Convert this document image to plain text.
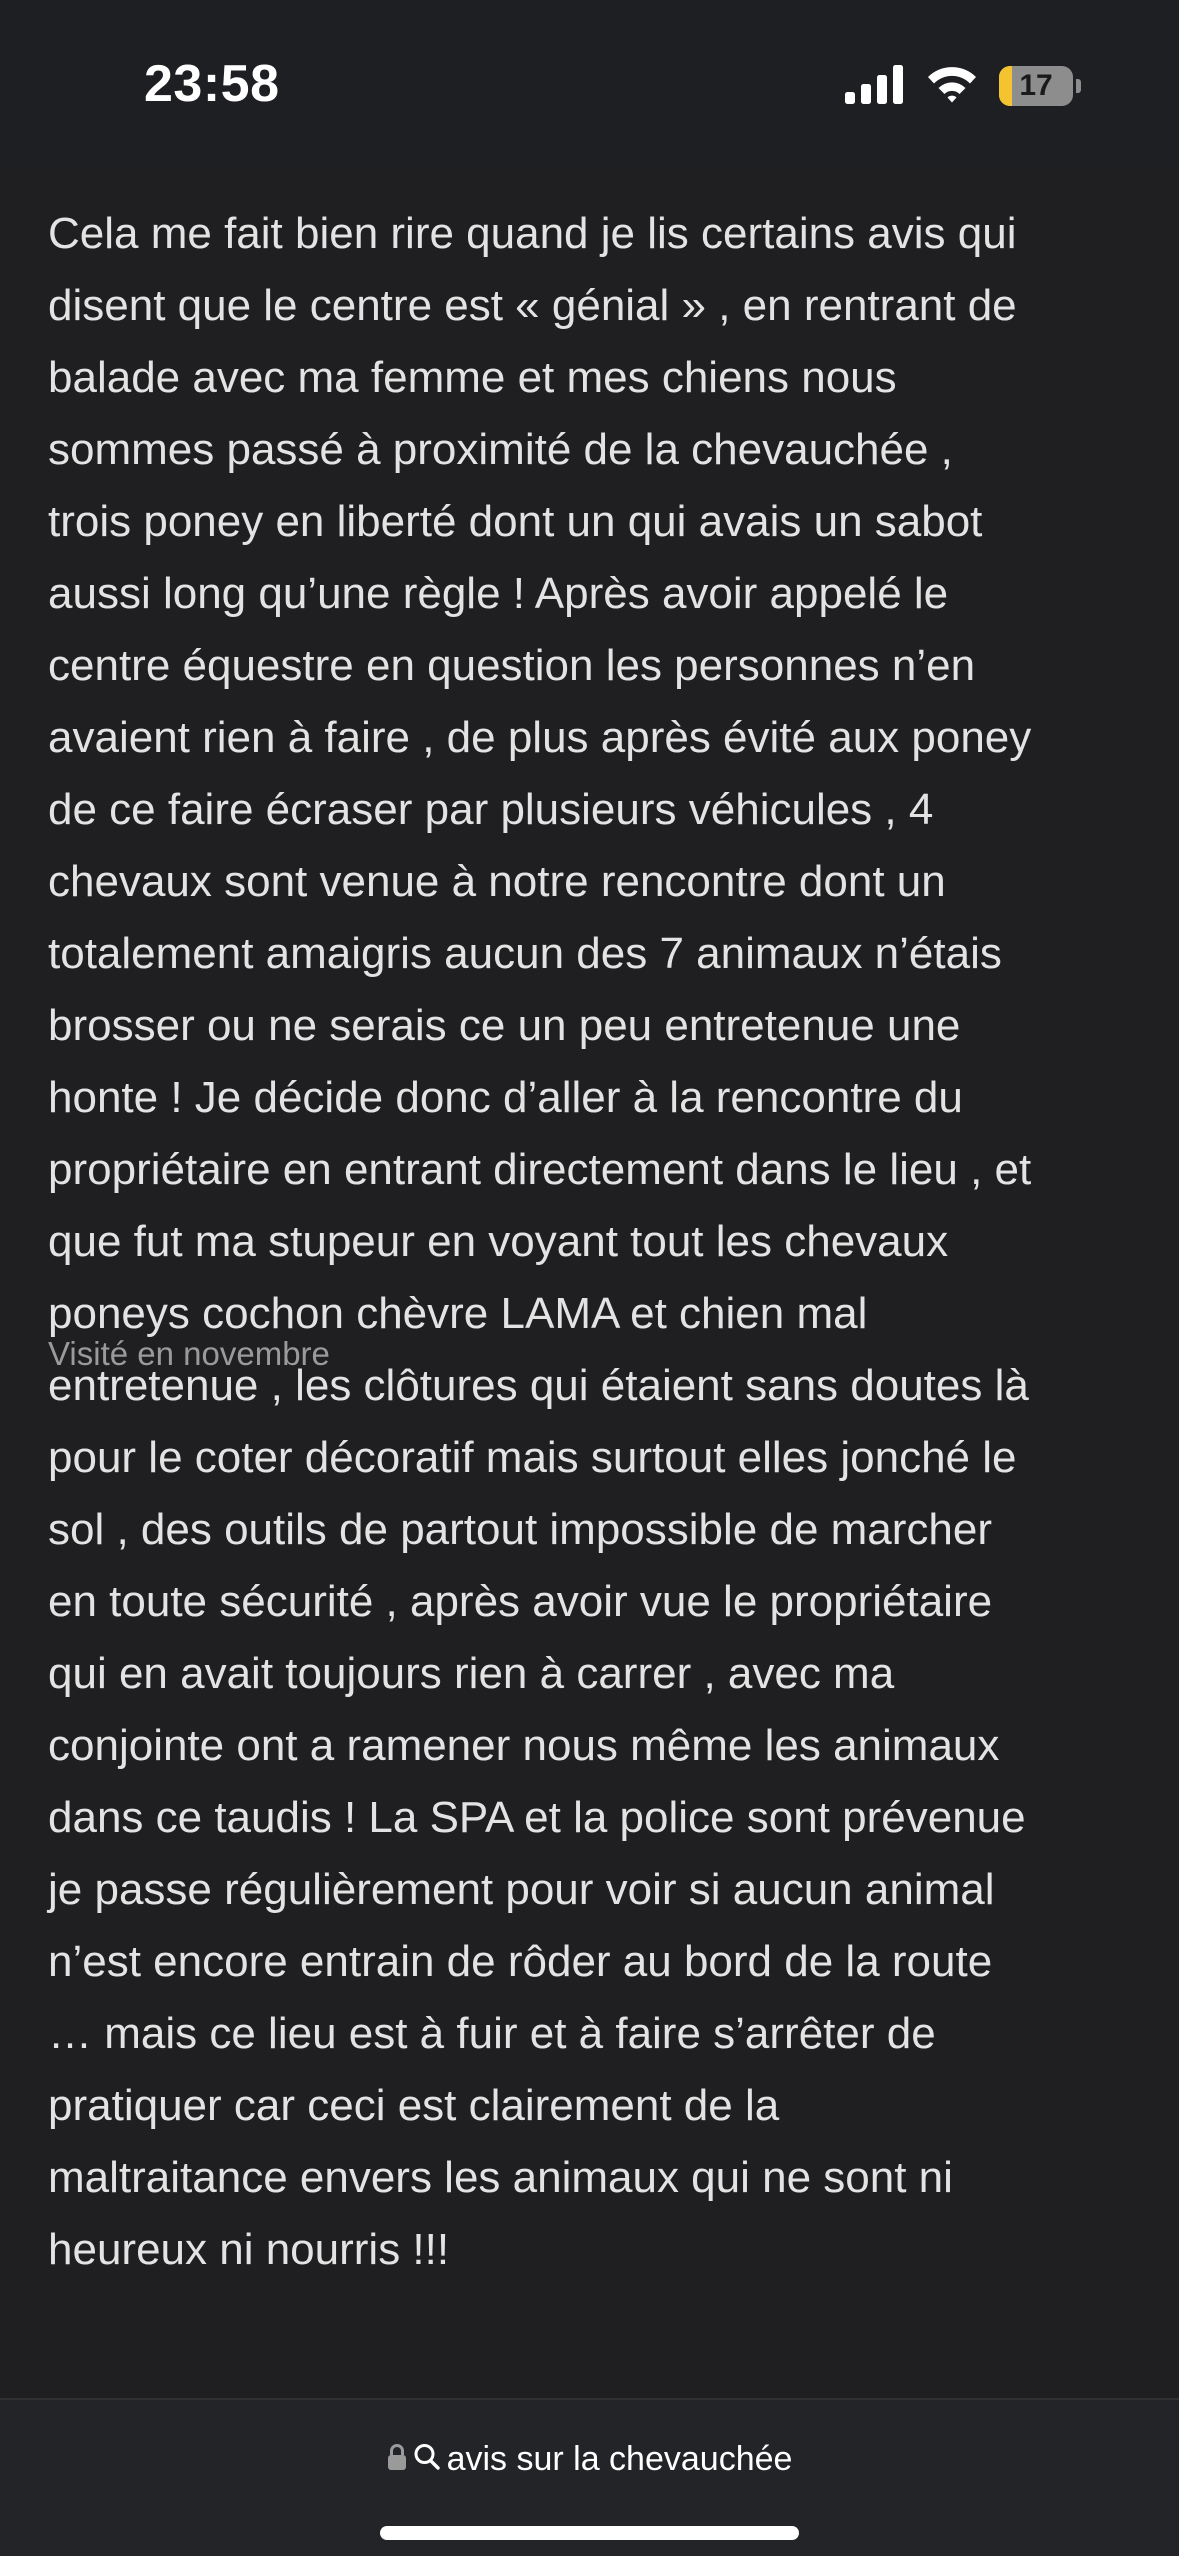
23:58	17

Cela me fait bien rire quand je lis certains avis qui
disent que le centre est « génial » , en rentrant de
balade avec ma femme et mes chiens nous
sommes passé à proximité de la chevauchée ,
trois poney en liberté dont un qui avais un sabot
aussi long qu’une règle ! Après avoir appelé le
centre équestre en question les personnes n’en
avaient rien à faire , de plus après évité aux poney
de ce faire écraser par plusieurs véhicules , 4
chevaux sont venue à notre rencontre dont un
totalement amaigris aucun des 7 animaux n’étais
brosser ou ne serais ce un peu entretenue une
honte ! Je décide donc d’aller à la rencontre du
propriétaire en entrant directement dans le lieu , et
que fut ma stupeur en voyant tout les chevaux
poneys cochon chèvre LAMA et chien mal
entretenue , les clôtures qui étaient sans doutes là
pour le coter décoratif mais surtout elles jonché le
sol , des outils de partout impossible de marcher
en toute sécurité , après avoir vue le propriétaire
qui en avait toujours rien à carrer , avec ma
conjointe ont a ramener nous même les animaux
dans ce taudis ! La SPA et la police sont prévenue
je passe régulièrement pour voir si aucun animal
n’est encore entrain de rôder au bord de la route
… mais ce lieu est à fuir et à faire s’arrêter de
pratiquer car ceci est clairement de la
maltraitance envers les animaux qui ne sont ni
heureux ni nourris !!!

Visité en novembre
avis sur la chevauchée
